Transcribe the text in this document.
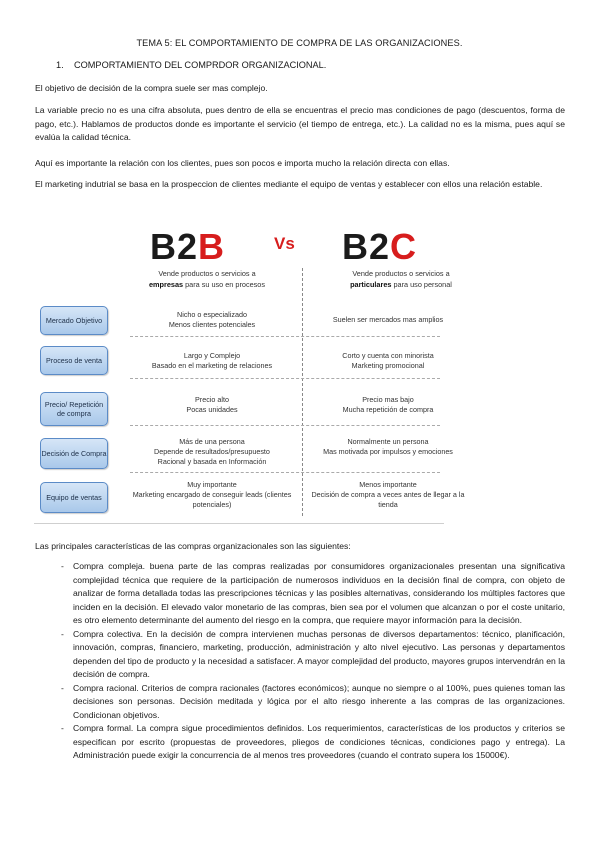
TEMA 5: EL COMPORTAMIENTO DE COMPRA DE LAS ORGANIZACIONES.
1. COMPORTAMIENTO DEL COMPRDOR ORGANIZACIONAL.
El objetivo de decisión de la compra suele ser mas complejo.
La variable precio no es una cifra absoluta, pues dentro de ella se encuentras el precio mas condiciones de pago (descuentos, forma de pago, etc.). Hablamos de productos donde es importante el servicio (el tiempo de entrega, etc.). La calidad no es la misma, pues aquí se evalúa la calidad técnica.
Aquí es importante la relación con los clientes, pues son pocos e importa mucho la relación directa con ellas.
El marketing indutrial se basa en la prospeccion de clientes mediante el equipo de ventas y establecer con ellos una relación estable.
B2B	Vs B2C
Vende productos o servicios a
empresas para su uso en procesos
Vende productos o servicios a
particulares para uso personal
Mercado Objetivo
Nicho o especializado
Menos clientes potenciales
Suelen ser mercados mas amplios
Proceso de venta
Largo y Complejo
Basado en el marketing de relaciones
Corto y cuenta con minorista
Marketing promocional
Precio/ Repetición de compra
Precio alto
Pocas unidades
Precio mas bajo
Mucha repetición de compra
Decisión de Compra
Más de una persona
Depende de resultados/presupuesto
Racional y basada en Información
Normalmente un persona
Mas motivada por impulsos y emociones
Equipo de ventas
Muy importante
Marketing encargado de conseguir leads (clientes potenciales)
Menos importante
Decisión de compra a veces antes de llegar a la tienda
Las principales características de las compras organizacionales son las siguientes:
- Compra compleja. buena parte de las compras realizadas por consumidores organizacionales presentan una significativa complejidad técnica que requiere de la participación de numerosos individuos en la decisión final de compra, con objeto de analizar de forma detallada todas las prescripciones técnicas y las posibles alternativas, considerando los múltiples factores que inciden en la decisión. El elevado valor monetario de las compras, bien sea por el volumen que alcanzan o por el coste unitario, es otro elemento determinante del aumento del riesgo en la compra, que requiere mayor información para la decisión.
- Compra colectiva. En la decisión de compra intervienen muchas personas de diversos departamentos: técnico, planificación, innovación, compras, financiero, marketing, producción, administración y alto nivel ejecutivo. Las personas y departamentos dependen del tipo de producto y la necesidad a satisfacer. A mayor complejidad del producto, mayores grupos intervendrán en la decisión de compra.
- Compra racional. Criterios de compra racionales (factores económicos); aunque no siempre o al 100%, pues quienes toman las decisiones son personas. Decisión meditada y lógica por el alto riesgo inherente a las compras de las organizaciones. Condicionan objetivos.
- Compra formal. La compra sigue procedimientos definidos. Los requerimientos, características de los productos y criterios se especifican por escrito (propuestas de proveedores, pliegos de condiciones técnicas, condiciones pago y entrega). La Administración puede exigir la concurrencia de al menos tres proveedores (cuando el contrato supera los 15000€).
